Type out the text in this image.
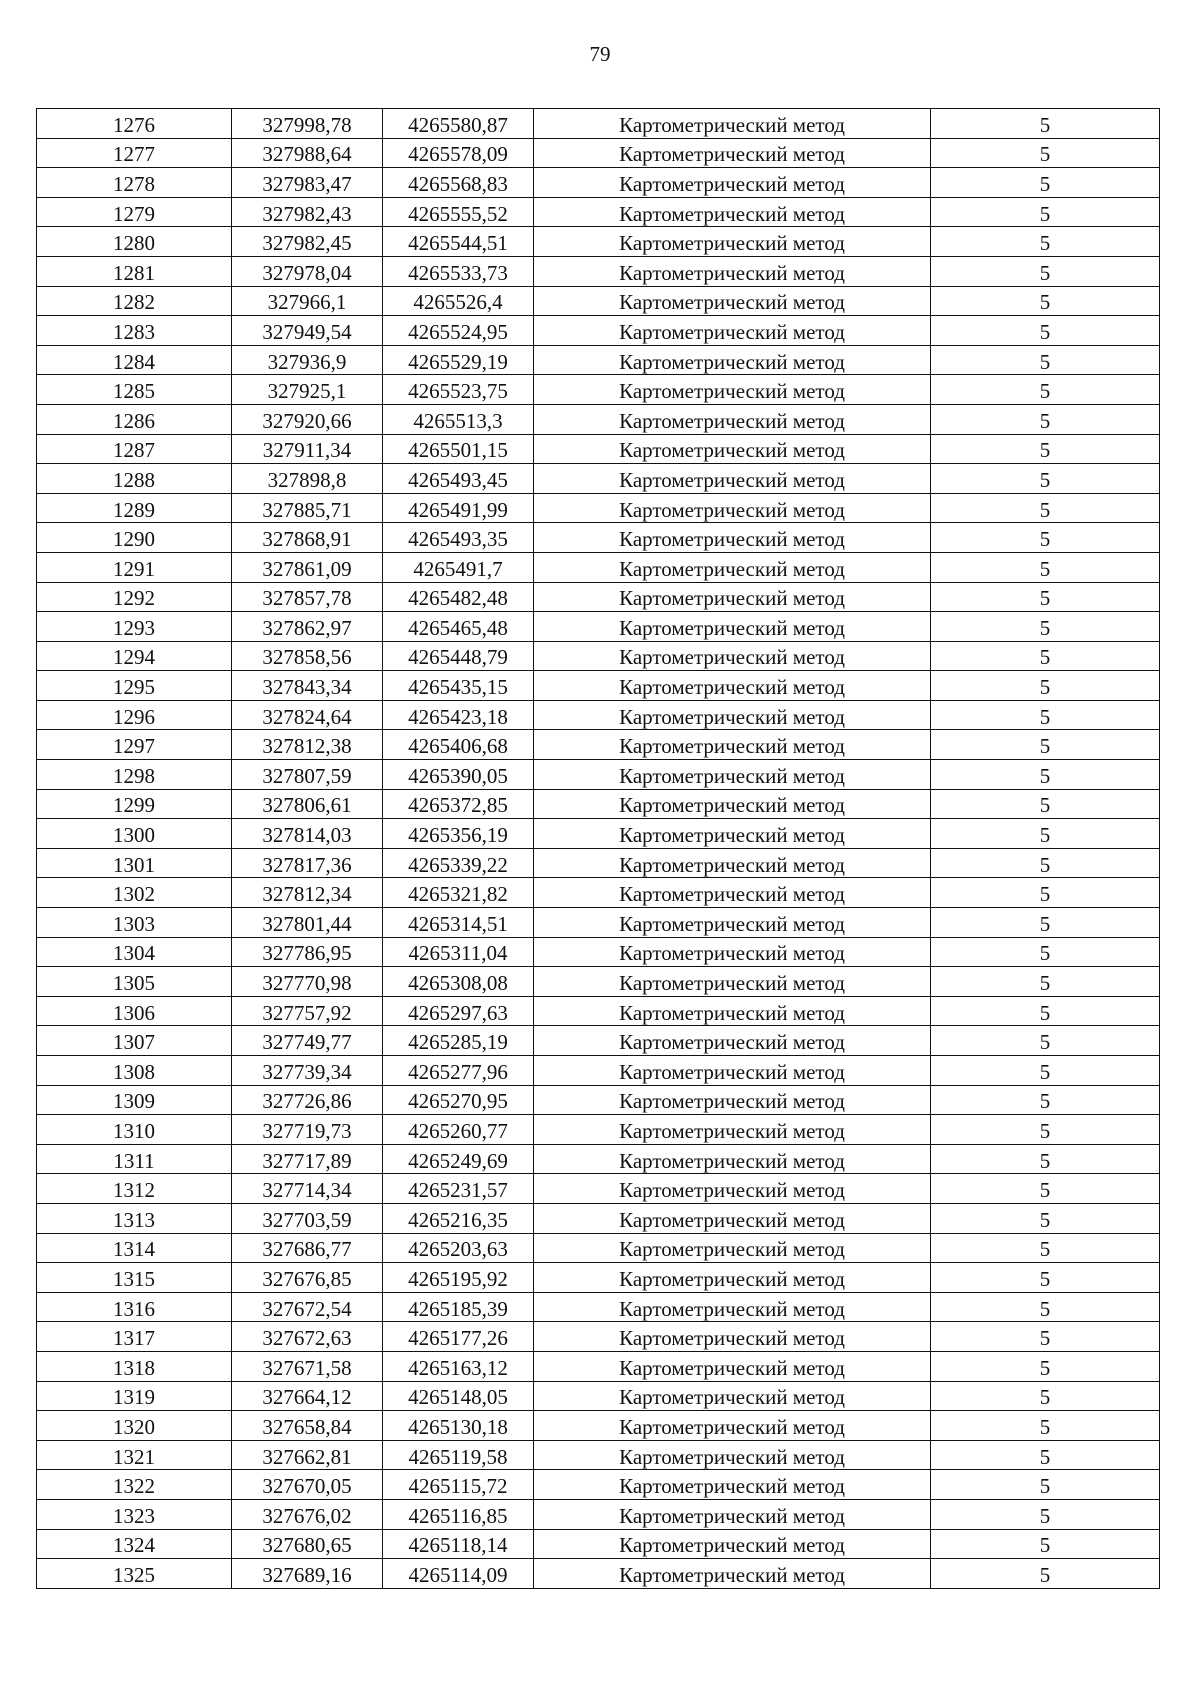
79
1276	327998,78	4265580,87	Картометрический метод	5
1277	327988,64	4265578,09	Картометрический метод	5
1278	327983,47	4265568,83	Картометрический метод	5
1279	327982,43	4265555,52	Картометрический метод	5
1280	327982,45	4265544,51	Картометрический метод	5
1281	327978,04	4265533,73	Картометрический метод	5
1282	327966,1	4265526,4	Картометрический метод	5
1283	327949,54	4265524,95	Картометрический метод	5
1284	327936,9	4265529,19	Картометрический метод	5
1285	327925,1	4265523,75	Картометрический метод	5
1286	327920,66	4265513,3	Картометрический метод	5
1287	327911,34	4265501,15	Картометрический метод	5
1288	327898,8	4265493,45	Картометрический метод	5
1289	327885,71	4265491,99	Картометрический метод	5
1290	327868,91	4265493,35	Картометрический метод	5
1291	327861,09	4265491,7	Картометрический метод	5
1292	327857,78	4265482,48	Картометрический метод	5
1293	327862,97	4265465,48	Картометрический метод	5
1294	327858,56	4265448,79	Картометрический метод	5
1295	327843,34	4265435,15	Картометрический метод	5
1296	327824,64	4265423,18	Картометрический метод	5
1297	327812,38	4265406,68	Картометрический метод	5
1298	327807,59	4265390,05	Картометрический метод	5
1299	327806,61	4265372,85	Картометрический метод	5
1300	327814,03	4265356,19	Картометрический метод	5
1301	327817,36	4265339,22	Картометрический метод	5
1302	327812,34	4265321,82	Картометрический метод	5
1303	327801,44	4265314,51	Картометрический метод	5
1304	327786,95	4265311,04	Картометрический метод	5
1305	327770,98	4265308,08	Картометрический метод	5
1306	327757,92	4265297,63	Картометрический метод	5
1307	327749,77	4265285,19	Картометрический метод	5
1308	327739,34	4265277,96	Картометрический метод	5
1309	327726,86	4265270,95	Картометрический метод	5
1310	327719,73	4265260,77	Картометрический метод	5
1311	327717,89	4265249,69	Картометрический метод	5
1312	327714,34	4265231,57	Картометрический метод	5
1313	327703,59	4265216,35	Картометрический метод	5
1314	327686,77	4265203,63	Картометрический метод	5
1315	327676,85	4265195,92	Картометрический метод	5
1316	327672,54	4265185,39	Картометрический метод	5
1317	327672,63	4265177,26	Картометрический метод	5
1318	327671,58	4265163,12	Картометрический метод	5
1319	327664,12	4265148,05	Картометрический метод	5
1320	327658,84	4265130,18	Картометрический метод	5
1321	327662,81	4265119,58	Картометрический метод	5
1322	327670,05	4265115,72	Картометрический метод	5
1323	327676,02	4265116,85	Картометрический метод	5
1324	327680,65	4265118,14	Картометрический метод	5
1325	327689,16	4265114,09	Картометрический метод	5
